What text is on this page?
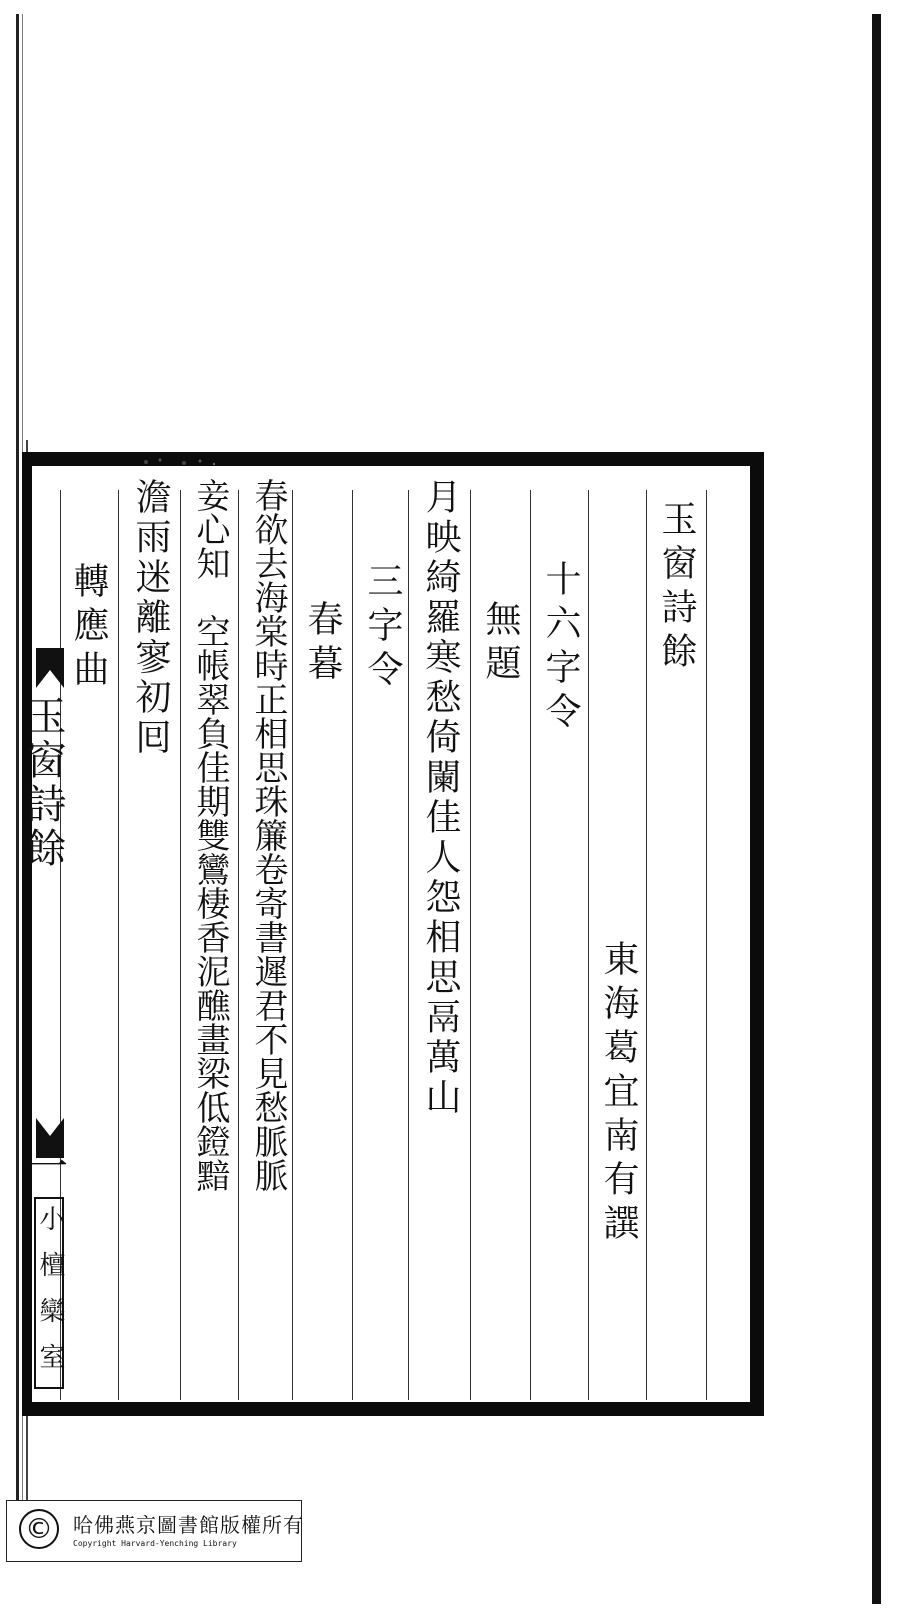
玉窗詩餘
東海葛宜南有譔
十六字令
無題
月映綺羅寒愁倚闌佳人怨相思鬲萬山
三字令
春暮
春欲去海棠時正相思珠簾卷寄書遲君不見愁脈脈
妾心知　空帳翠負佳期雙鸞棲香泥醮畫梁低鐙黯
澹雨迷離寥初囘
轉應曲
玉窗詩餘
一
小檀欒室
©	哈佛燕京圖書館版權所有
Copyright Harvard-Yenching Library
